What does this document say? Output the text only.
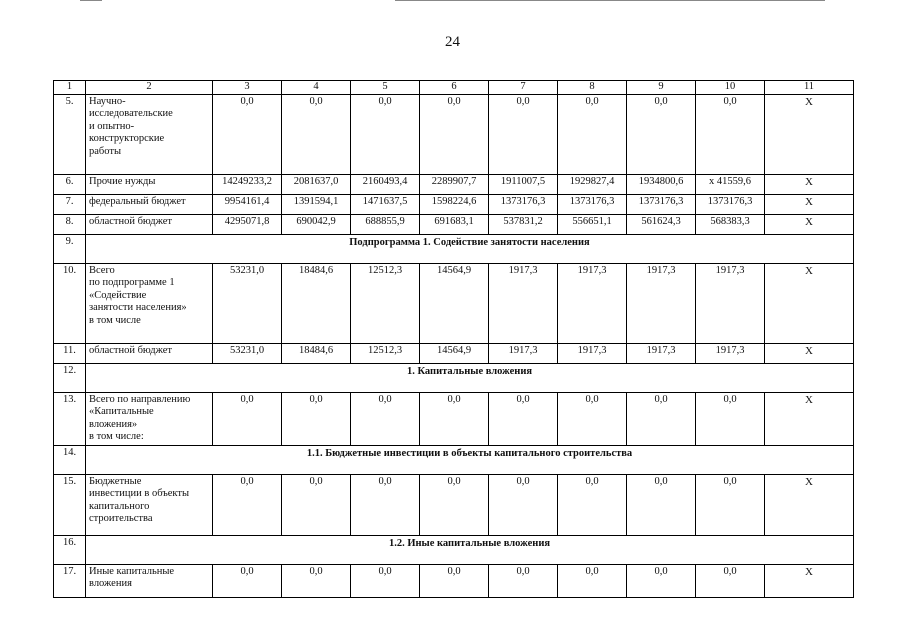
24
1	2	3	4	5	6	7	8	9	10	11
5.	Научно-
исследовательские
и опытно-
конструкторские
работы	0,0	0,0	0,0	0,0	0,0	0,0	0,0	0,0	Х
6.	Прочие нужды	14249233,2	2081637,0	2160493,4	2289907,7	1911007,5	1929827,4	1934800,6	х 41559,6	Х
7.	федеральный бюджет	9954161,4	1391594,1	1471637,5	1598224,6	1373176,3	1373176,3	1373176,3	1373176,3	Х
8.	областной бюджет	4295071,8	690042,9	688855,9	691683,1	537831,2	556651,1	561624,3	568383,3	Х
9.	Подпрограмма 1. Содействие занятости населения									
10.	Всего
по подпрограмме 1
«Содействие
занятости населения»
в том числе	53231,0	18484,6	12512,3	14564,9	1917,3	1917,3	1917,3	1917,3	Х
11.	областной бюджет	53231,0	18484,6	12512,3	14564,9	1917,3	1917,3	1917,3	1917,3	Х
12.	1. Капитальные вложения									
13.	Всего по направлению
«Капитальные
вложения»
в том числе:	0,0	0,0	0,0	0,0	0,0	0,0	0,0	0,0	Х
14.	1.1. Бюджетные инвестиции в объекты капитального строительства									
15.	Бюджетные
инвестиции в объекты
капитального
строительства	0,0	0,0	0,0	0,0	0,0	0,0	0,0	0,0	Х
16.	1.2. Иные капитальные вложения									
17.	Иные капитальные
вложения	0,0	0,0	0,0	0,0	0,0	0,0	0,0	0,0	Х
